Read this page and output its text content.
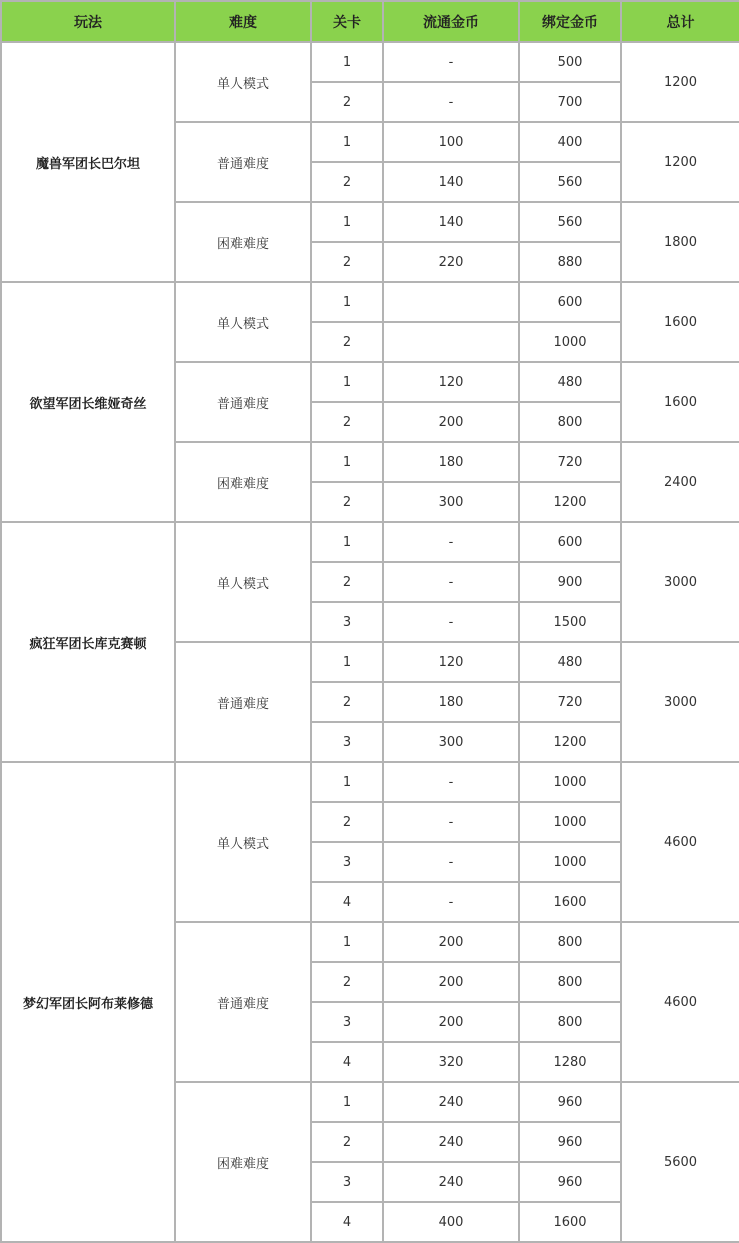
玩法	难度	关卡	流通金币	绑定金币	总计
魔兽军团长巴尔坦	单人模式	1	-	500	1200
		2	-	700	
	普通难度	1	100	400	1200
		2	140	560	
	困难难度	1	140	560	1800
		2	220	880	
欲望军团长维娅奇丝	单人模式	1		600	1600
		2		1000	
	普通难度	1	120	480	1600
		2	200	800	
	困难难度	1	180	720	2400
		2	300	1200	
疯狂军团长库克赛顿	单人模式	1	-	600	3000
		2	-	900	
		3	-	1500	
	普通难度	1	120	480	3000
		2	180	720	
		3	300	1200	
梦幻军团长阿布莱修德	单人模式	1	-	1000	4600
		2	-	1000	
		3	-	1000	
		4	-	1600	
	普通难度	1	200	800	4600
		2	200	800	
		3	200	800	
		4	320	1280	
	困难难度	1	240	960	5600
		2	240	960	
		3	240	960	
		4	400	1600	
